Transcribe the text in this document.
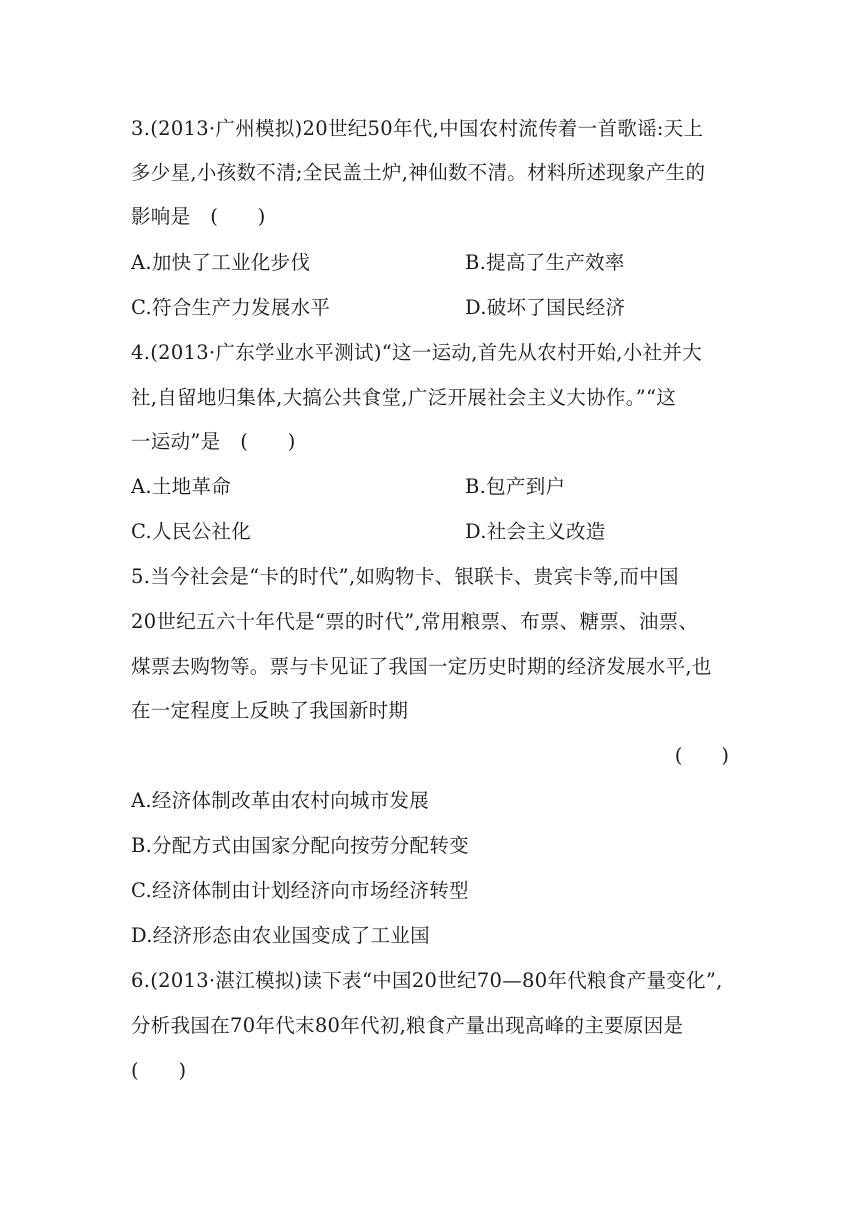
3.(2013·广州模拟)20世纪50年代,中国农村流传着一首歌谣:天上
多少星,小孩数不清;全民盖土炉,神仙数不清。材料所述现象产生的
影响是　(　　)
A.加快了工业化步伐	B.提高了生产效率
C.符合生产力发展水平	D.破坏了国民经济
4.(2013·广东学业水平测试)“这一运动,首先从农村开始,小社并大
社,自留地归集体,大搞公共食堂,广泛开展社会主义大协作。”“这
一运动”是　(　　)
A.土地革命	B.包产到户
C.人民公社化	D.社会主义改造
5.当今社会是“卡的时代”,如购物卡、银联卡、贵宾卡等,而中国
20世纪五六十年代是“票的时代”,常用粮票、布票、糖票、油票、
煤票去购物等。票与卡见证了我国一定历史时期的经济发展水平,也
在一定程度上反映了我国新时期
(　　)
A.经济体制改革由农村向城市发展
B.分配方式由国家分配向按劳分配转变
C.经济体制由计划经济向市场经济转型
D.经济形态由农业国变成了工业国
6.(2013·湛江模拟)读下表“中国20世纪70—80年代粮食产量变化”,
分析我国在70年代末80年代初,粮食产量出现高峰的主要原因是
(　　)
